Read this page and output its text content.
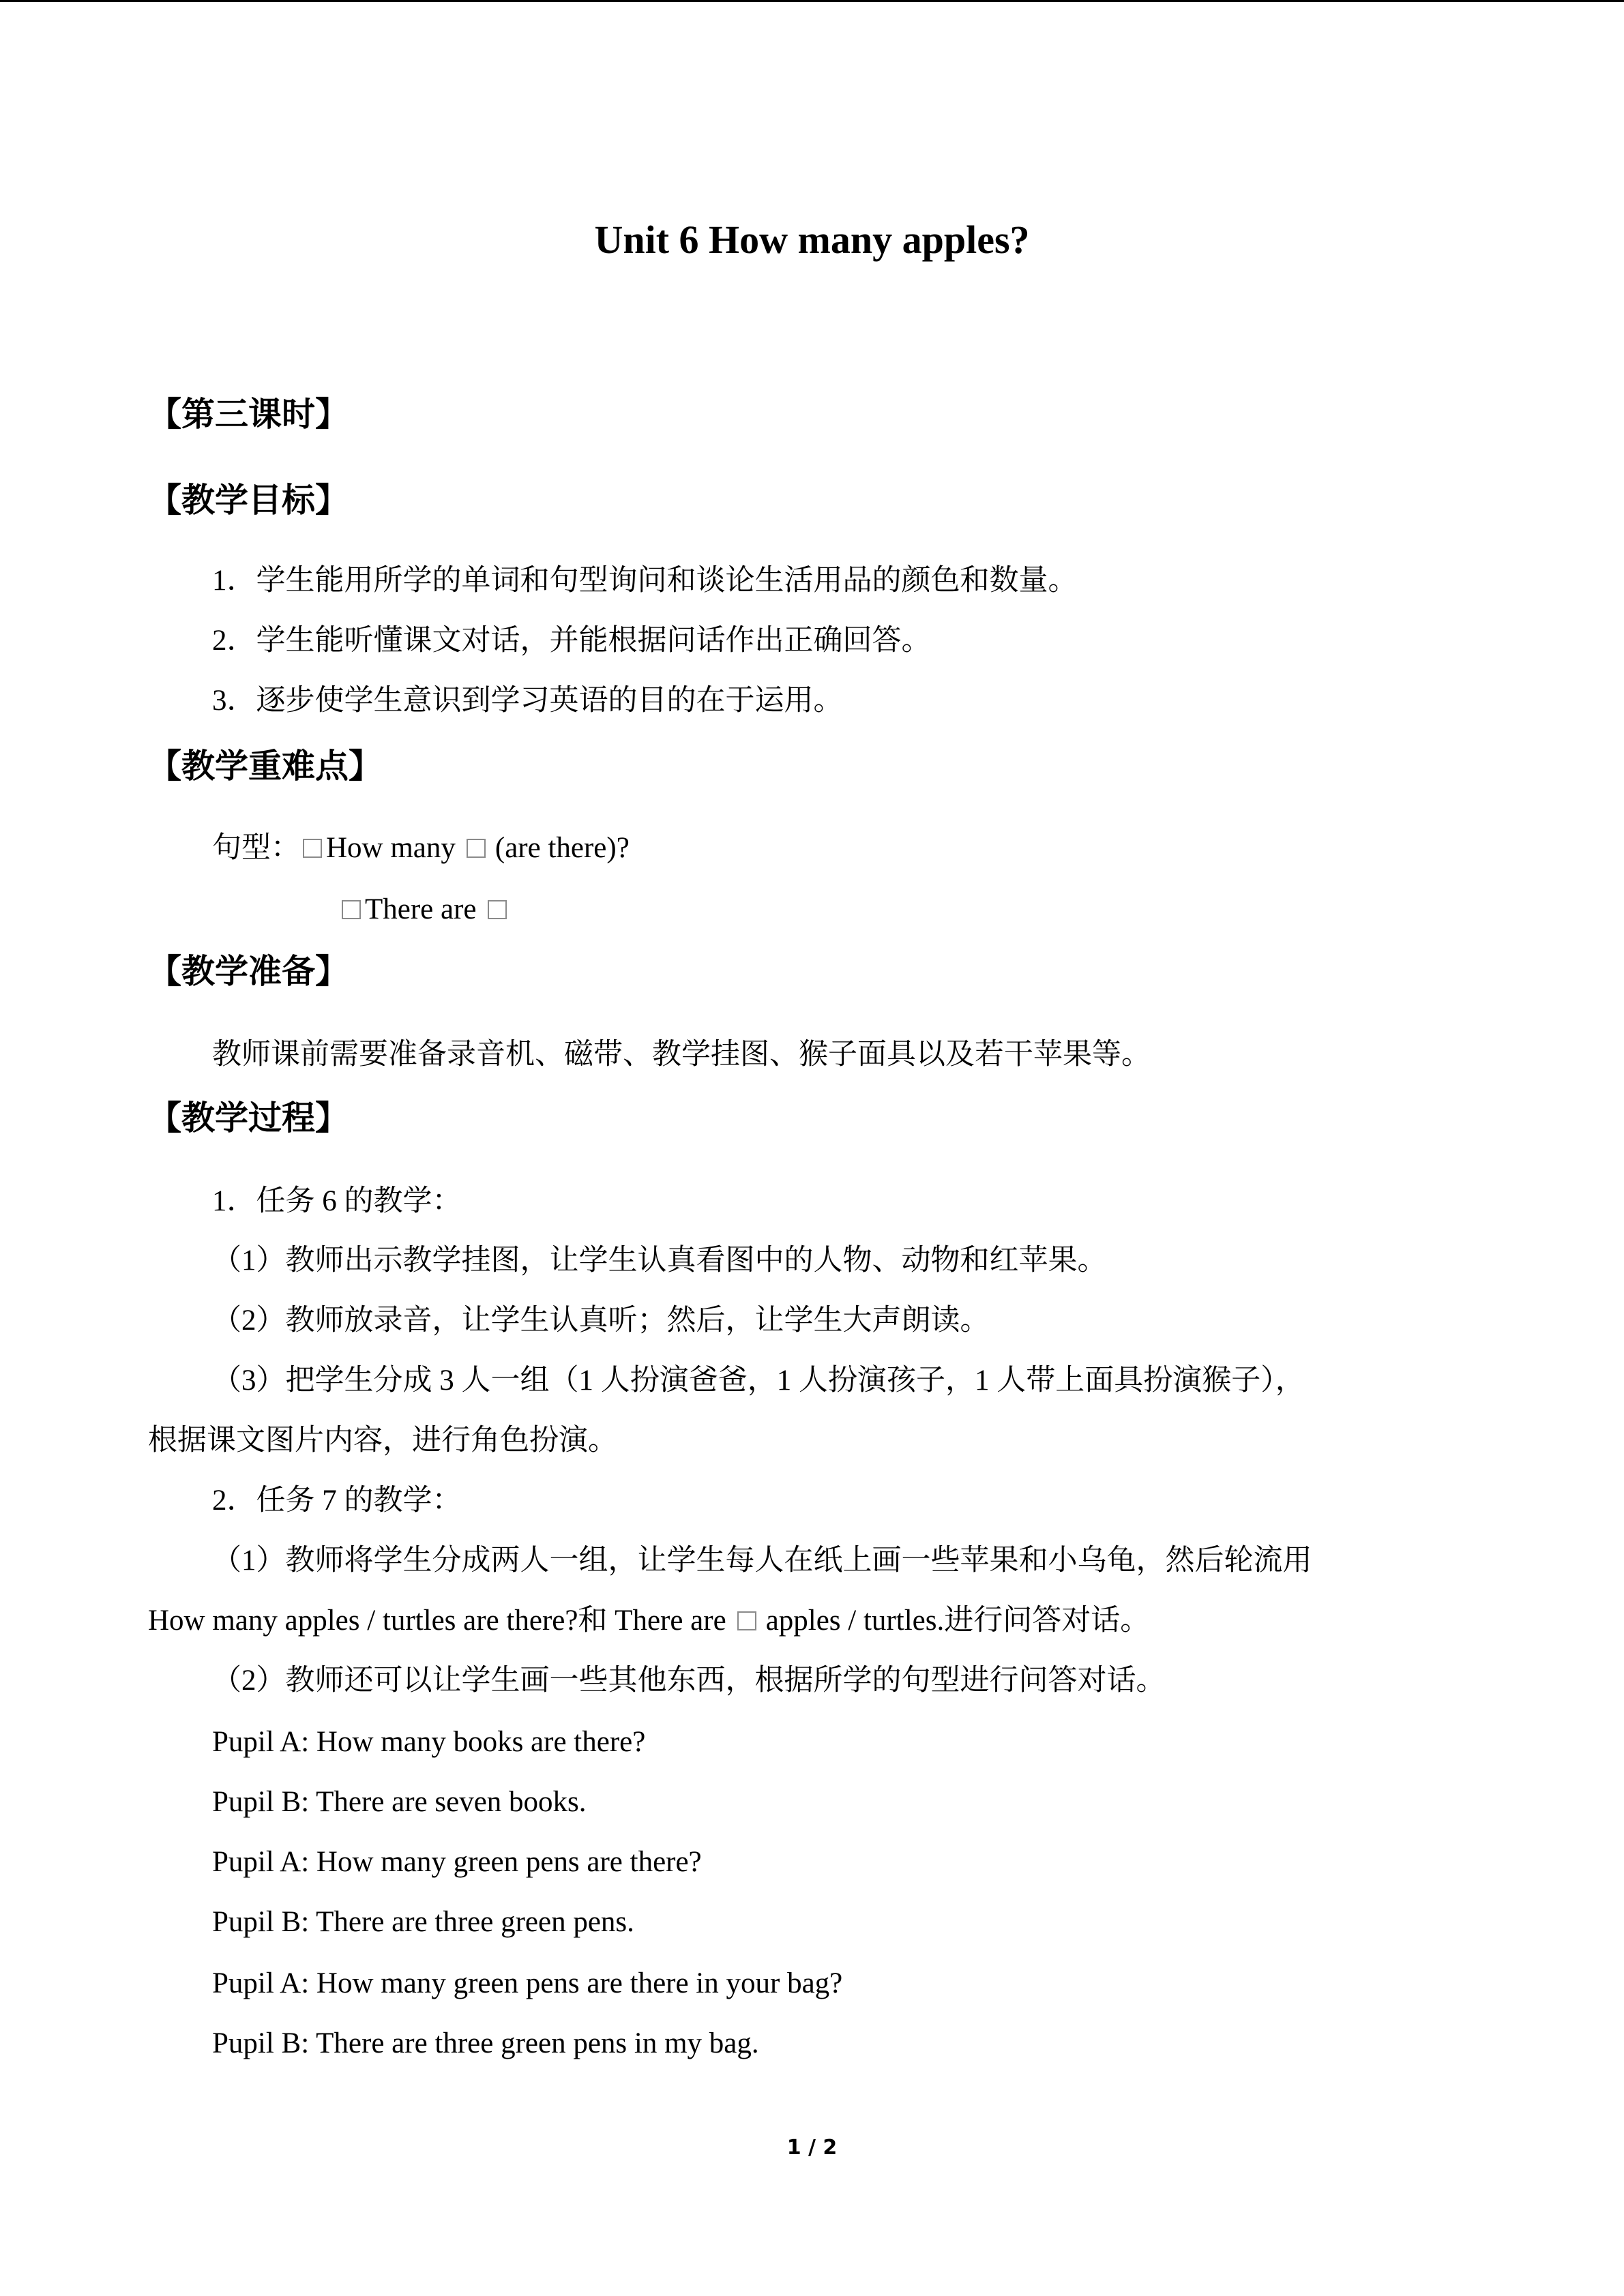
Unit 6 How many apples?
【第三课时】
【教学目标】
1．学生能用所学的单词和句型询问和谈论生活用品的颜色和数量。
2．学生能听懂课文对话，并能根据问话作出正确回答。
3．逐步使学生意识到学习英语的目的在于运用。
【教学重难点】
句型： How many (are there)?
There are
【教学准备】
教师课前需要准备录音机、磁带、教学挂图、猴子面具以及若干苹果等。
【教学过程】
1．任务 6 的教学：
（1）教师出示教学挂图，让学生认真看图中的人物、动物和红苹果。
（2）教师放录音，让学生认真听；然后，让学生大声朗读。
（3）把学生分成 3 人一组（1 人扮演爸爸，1 人扮演孩子，1 人带上面具扮演猴子），
根据课文图片内容，进行角色扮演。
2．任务 7 的教学：
（1）教师将学生分成两人一组，让学生每人在纸上画一些苹果和小乌龟，然后轮流用
How many apples / turtles are there?和 There are apples / turtles.进行问答对话。
（2）教师还可以让学生画一些其他东西，根据所学的句型进行问答对话。
Pupil A: How many books are there?
Pupil B: There are seven books.
Pupil A: How many green pens are there?
Pupil B: There are three green pens.
Pupil A: How many green pens are there in your bag?
Pupil B: There are three green pens in my bag.
1 / 2
